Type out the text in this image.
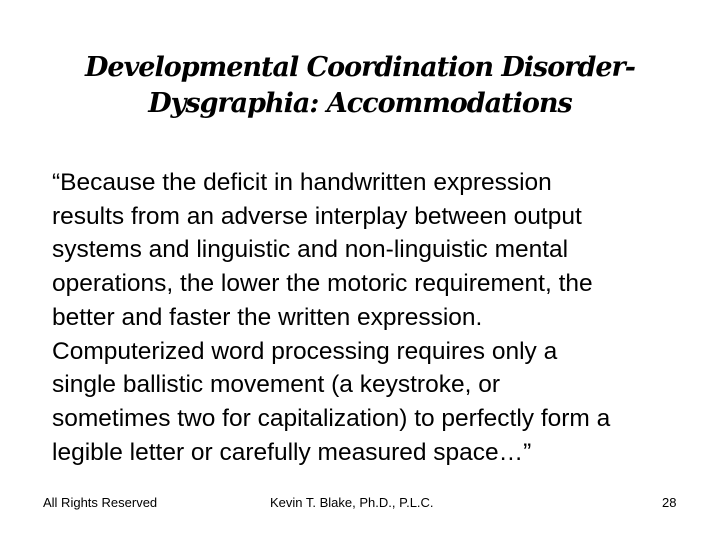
Developmental Coordination Disorder-
Dysgraphia: Accommodations
“Because the deficit in handwritten expression
results from an adverse interplay between output
systems and linguistic and non-linguistic mental
operations, the lower the motoric requirement, the
better and faster the written expression.
Computerized word processing requires only a
single ballistic movement (a keystroke, or
sometimes two for capitalization) to perfectly form a
legible letter or carefully measured space…”
All Rights Reserved	Kevin T. Blake, Ph.D., P.L.C.	28
